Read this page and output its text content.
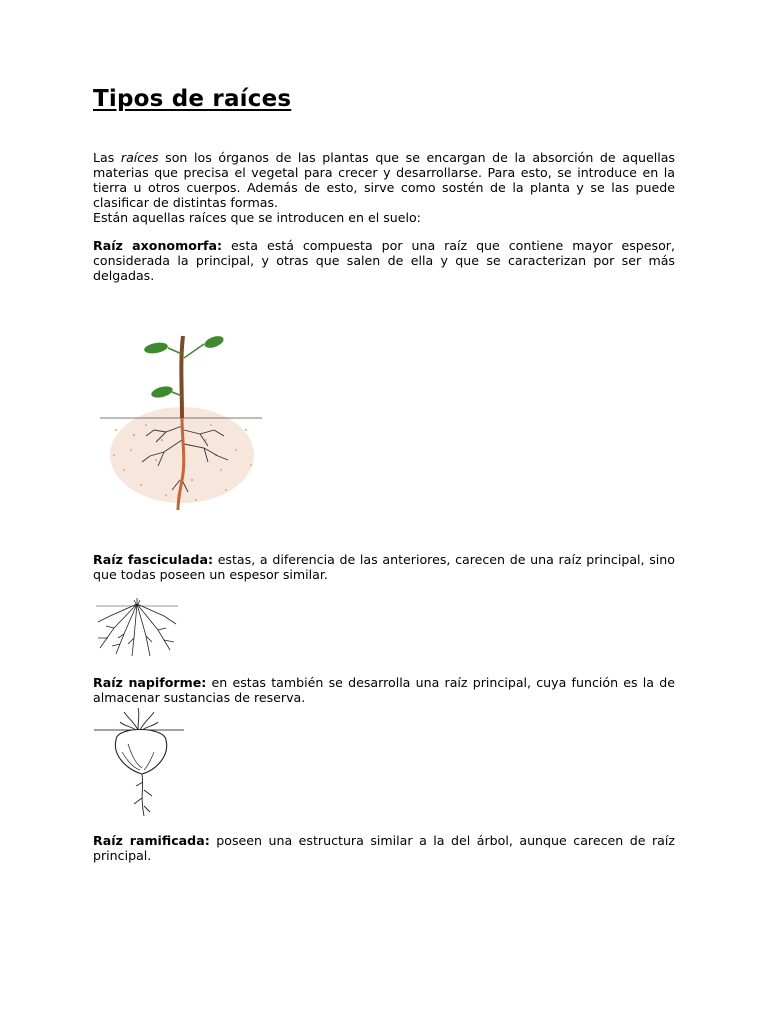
Tipos de raíces

Las raíces son los órganos de las plantas que se encargan de la absorción de aquellas materias que precisa el vegetal para crecer y desarrollarse. Para esto, se introduce en la tierra u otros cuerpos. Además de esto, sirve como sostén de la planta y se las puede clasificar de distintas formas.
Están aquellas raíces que se introducen en el suelo:

Raíz axonomorfa: esta está compuesta por una raíz que contiene mayor espesor, considerada la principal, y otras que salen de ella y que se caracterizan por ser más delgadas.

Raíz fasciculada: estas, a diferencia de las anteriores, carecen de una raíz principal, sino que todas poseen un espesor similar.

Raíz napiforme: en estas también se desarrolla una raíz principal, cuya función es la de almacenar sustancias de reserva.

Raíz ramificada: poseen una estructura similar a la del árbol, aunque carecen de raíz principal.
